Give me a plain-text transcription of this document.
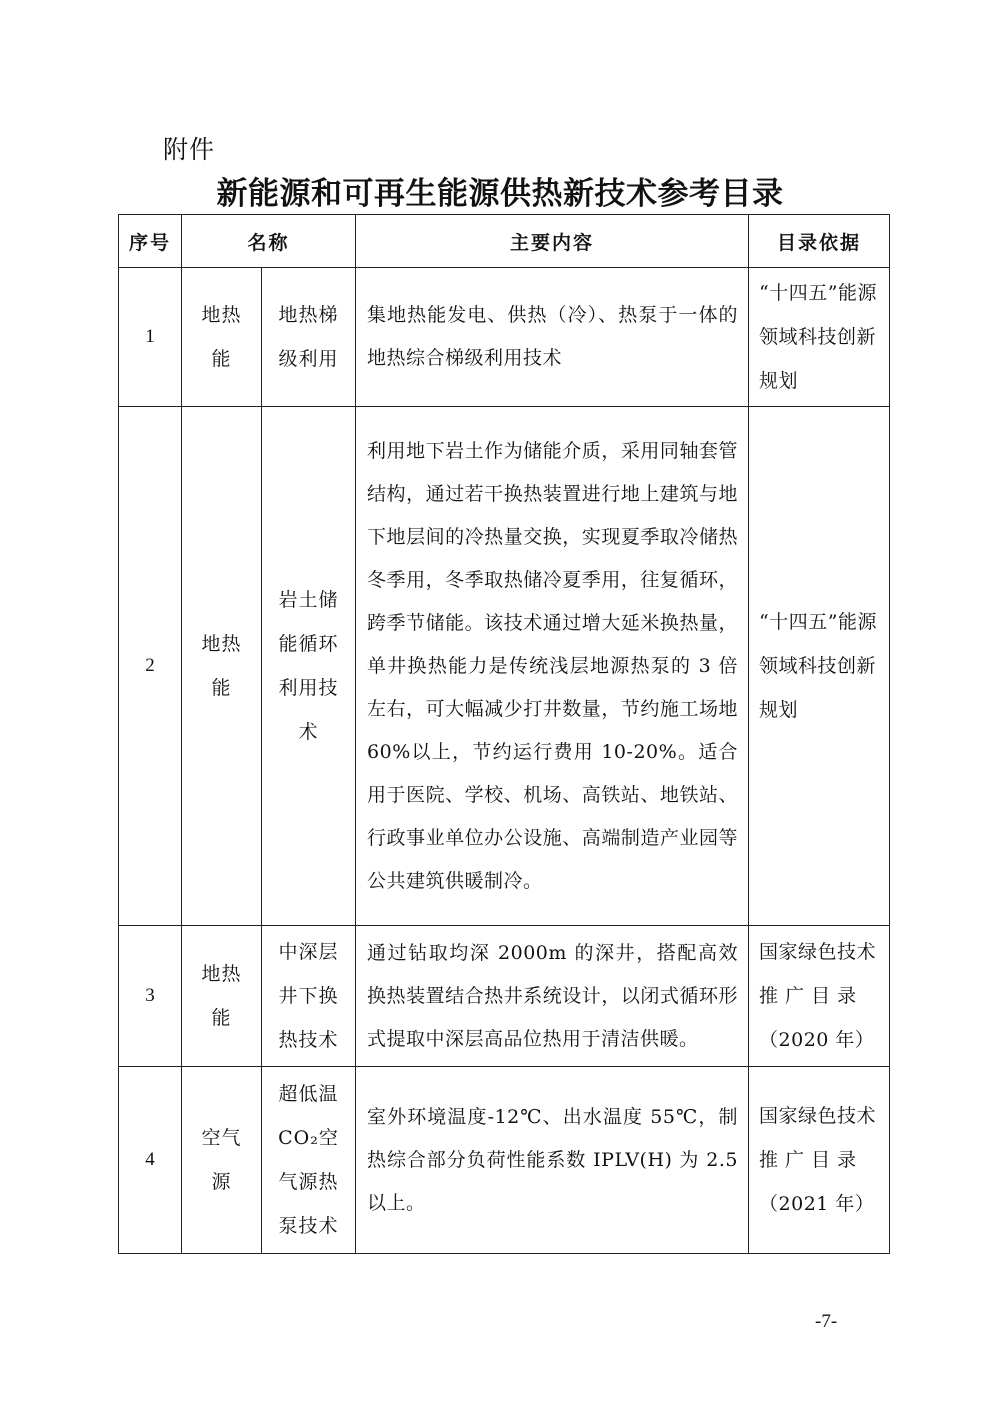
附件
新能源和可再生能源供热新技术参考目录
序号	名称		主要内容	目录依据
1	地热能	地热梯级利用	集地热能发电、供热（冷）、热泵于一体的地热综合梯级利用技术	“十四五”能源领域科技创新规划
2	地热能	岩土储能循环利用技术	利用地下岩土作为储能介质，采用同轴套管结构，通过若干换热装置进行地上建筑与地下地层间的冷热量交换，实现夏季取冷储热冬季用，冬季取热储冷夏季用，往复循环，跨季节储能。该技术通过增大延米换热量，单井换热能力是传统浅层地源热泵的 3 倍左右，可大幅减少打井数量，节约施工场地60%以上，节约运行费用 10-20%。适合用于医院、学校、机场、高铁站、地铁站、行政事业单位办公设施、高端制造产业园等公共建筑供暖制冷。	“十四五”能源领域科技创新规划
3	地热能	中深层井下换热技术	通过钻取均深 2000m 的深井，搭配高效换热装置结合热井系统设计，以闭式循环形式提取中深层高品位热用于清洁供暖。	国家绿色技术推 广 目 录（2020 年）
4	空气源	超低温CO₂空气源热泵技术	室外环境温度-12℃、出水温度 55℃，制热综合部分负荷性能系数 IPLV(H) 为 2.5 以上。	国家绿色技术推 广 目 录（2021 年）
-7-
